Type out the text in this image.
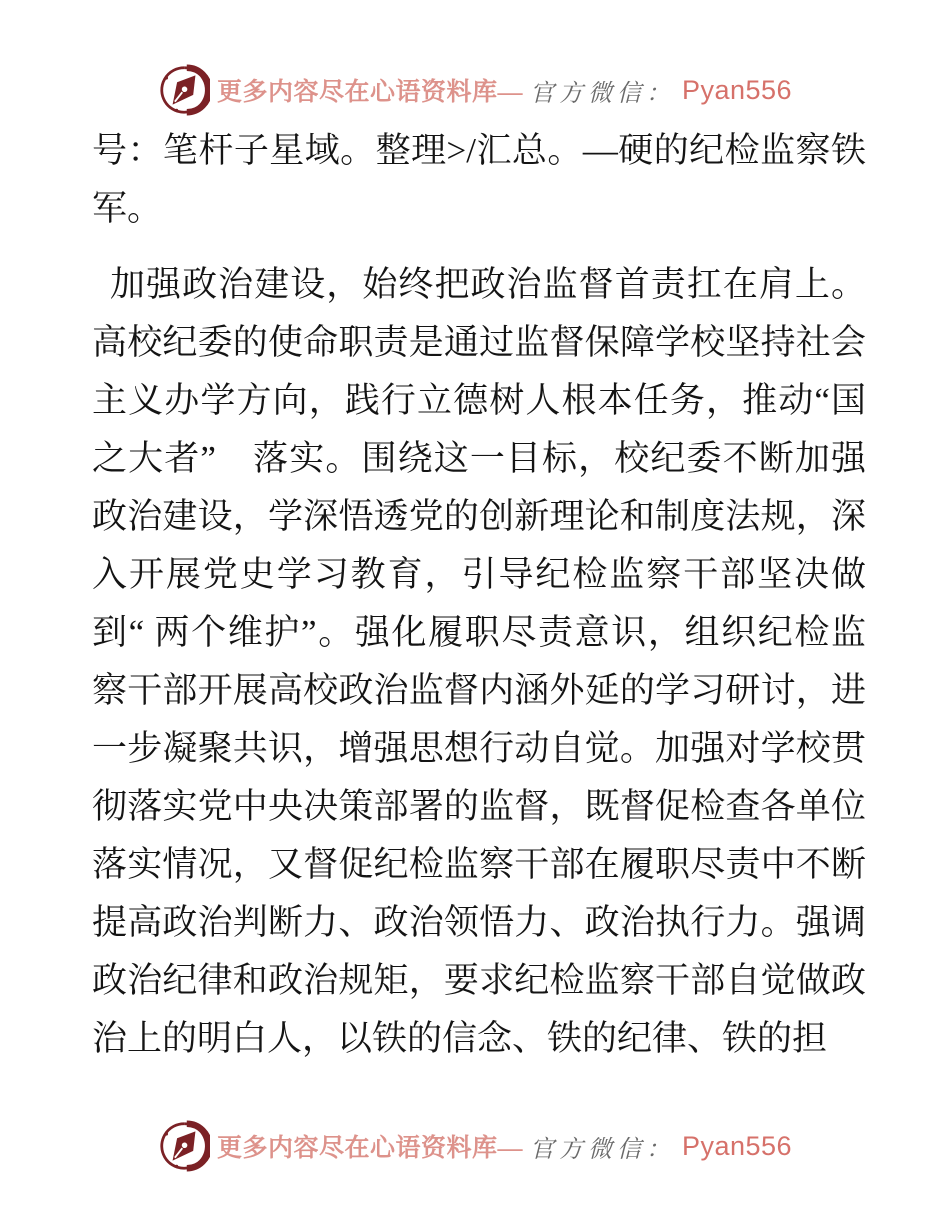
更多内容尽在心语资料库— 官方微信： Pyan556

号：笔杆子星域。整理>/汇总。—硬的纪检监察铁军。

加强政治建设，始终把政治监督首责扛在肩上。高校纪委的使命职责是通过监督保障学校坚持社会主义办学方向，践行立德树人根本任务，推动“国之大者”　落实。围绕这一目标，校纪委不断加强政治建设，学深悟透党的创新理论和制度法规，深入开展党史学习教育，引导纪检监察干部坚决做到“ 两个维护”。强化履职尽责意识，组织纪检监察干部开展高校政治监督内涵外延的学习研讨，进一步凝聚共识，增强思想行动自觉。加强对学校贯彻落实党中央决策部署的监督，既督促检查各单位落实情况，又督促纪检监察干部在履职尽责中不断提高政治判断力、政治领悟力、政治执行力。强调政治纪律和政治规矩，要求纪检监察干部自觉做政治上的明白人，以铁的信念、铁的纪律、铁的担

更多内容尽在心语资料库— 官方微信： Pyan556
